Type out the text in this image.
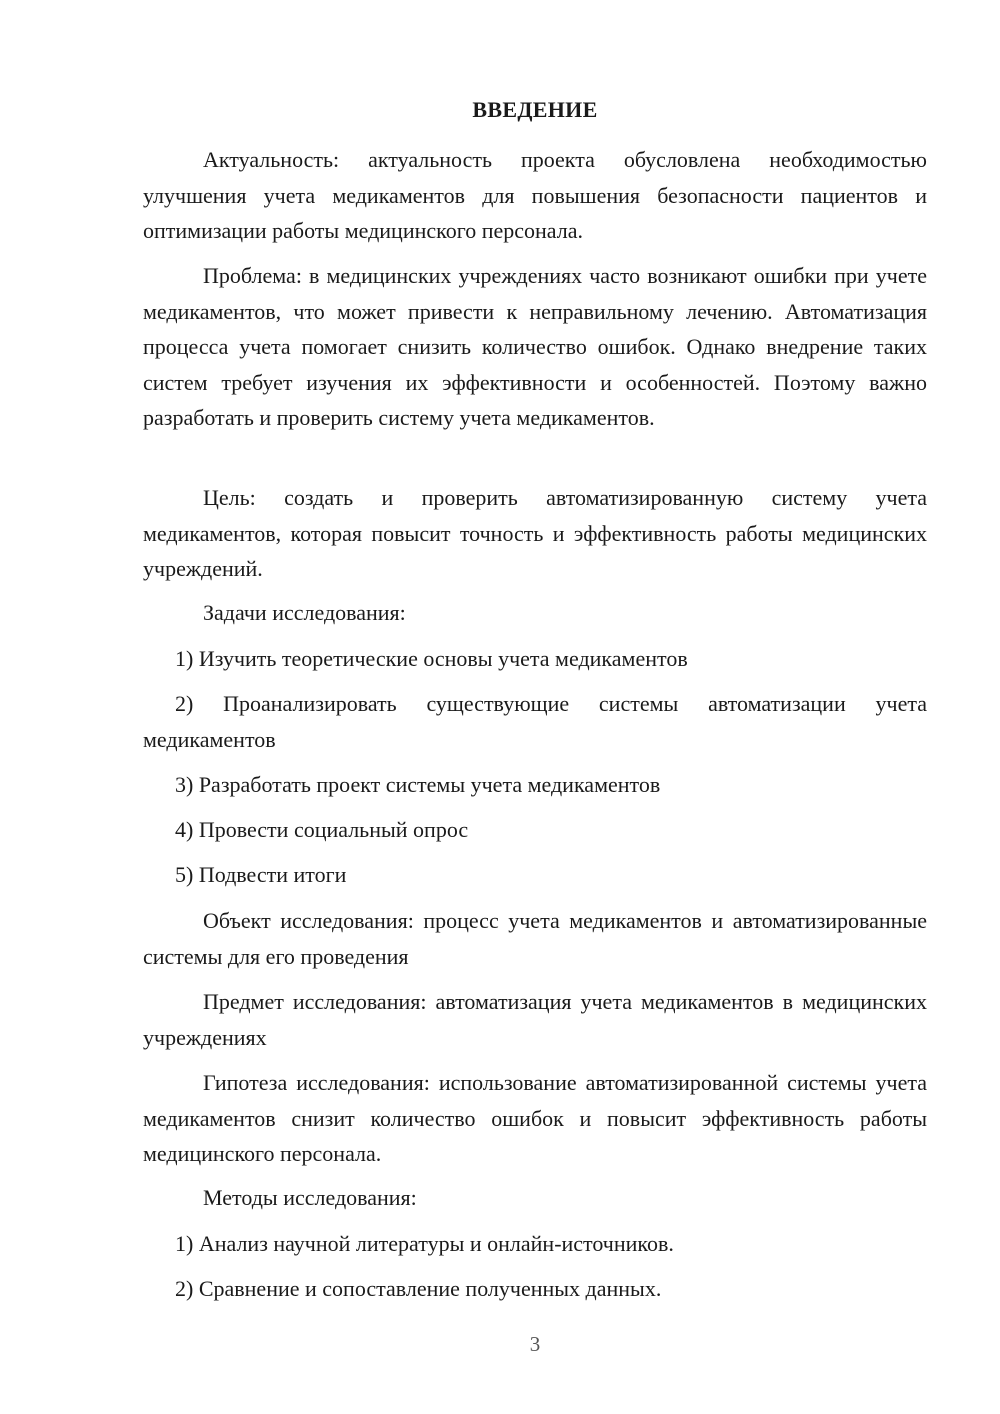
ВВЕДЕНИЕ
Актуальность: актуальность проекта обусловлена необходимостью улучшения учета медикаментов для повышения безопасности пациентов и оптимизации работы медицинского персонала.
Проблема: в медицинских учреждениях часто возникают ошибки при учете медикаментов, что может привести к неправильному лечению. Автоматизация процесса учета помогает снизить количество ошибок. Однако внедрение таких систем требует изучения их эффективности и особенностей. Поэтому важно разработать и проверить систему учета медикаментов.
Цель: создать и проверить автоматизированную систему учета медикаментов, которая повысит точность и эффективность работы медицинских учреждений.
Задачи исследования:
1) Изучить теоретические основы учета медикаментов
2) Проанализировать существующие системы автоматизации учета медикаментов
3) Разработать проект системы учета медикаментов
4) Провести социальный опрос
5) Подвести итоги
Объект исследования: процесс учета медикаментов и автоматизированные системы для его проведения
Предмет исследования: автоматизация учета медикаментов в медицинских учреждениях
Гипотеза исследования: использование автоматизированной системы учета медикаментов снизит количество ошибок и повысит эффективность работы медицинского персонала.
Методы исследования:
1) Анализ научной литературы и онлайн-источников.
2) Сравнение и сопоставление полученных данных.
3
